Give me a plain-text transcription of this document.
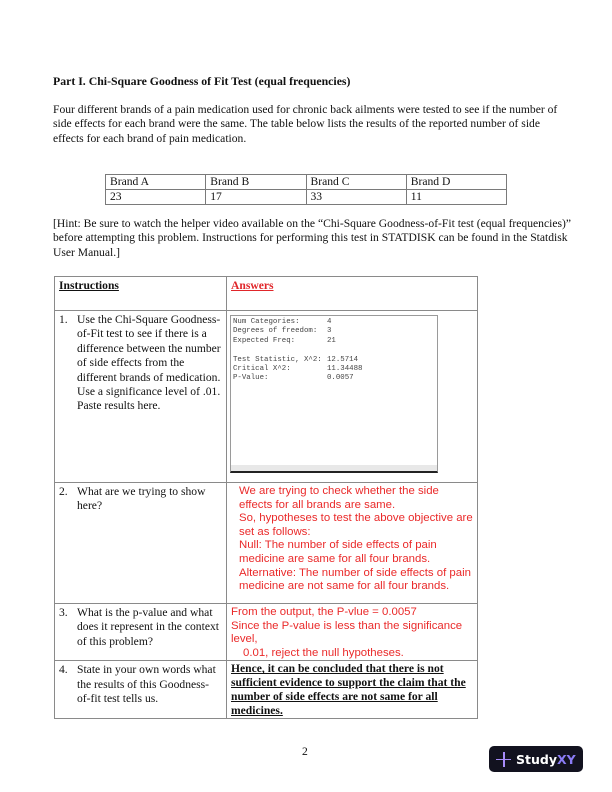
Part I. Chi-Square Goodness of Fit Test (equal frequencies)
Four different brands of a pain medication used for chronic back ailments were tested to see if the number of side effects for each brand were the same. The table below lists the results of the reported number of side effects for each brand of pain medication.
Brand A	Brand B	Brand C	Brand D
23	17	33	11
[Hint: Be sure to watch the helper video available on the “Chi-Square Goodness-of-Fit test (equal frequencies)” before attempting this problem. Instructions for performing this test in STATDISK can be found in the Statdisk User Manual.]
Instructions	Answers

1. Use the Chi-Square Goodness-of-Fit test to see if there is a difference between the number of side effects from the different brands of medication. Use a significance level of .01. Paste results here.

Num Categories:	4
Degrees of freedom:	3
Expected Freq:	21
Test Statistic, X^2: 12.5714
Critical X^2:	11.34488
P-Value:	0.0057

2. What are we trying to show here?

We are trying to check whether the side effects for all brands are same.
So, hypotheses to test the above objective are set as follows:
Null: The number of side effects of pain medicine are same for all four brands.
Alternative: The number of side effects of pain medicine are not same for all four brands.

3. What is the p-value and what does it represent in the context of this problem?

From the output, the P-vlue = 0.0057
Since the P-value is less than the significance level,
0.01, reject the null hypotheses.

4. State in your own words what the results of this Goodness-of-fit test tells us.	Hence, it can be concluded that there is not sufficient evidence to support the claim that the number of side effects are not same for all medicines.
2	Study XY
